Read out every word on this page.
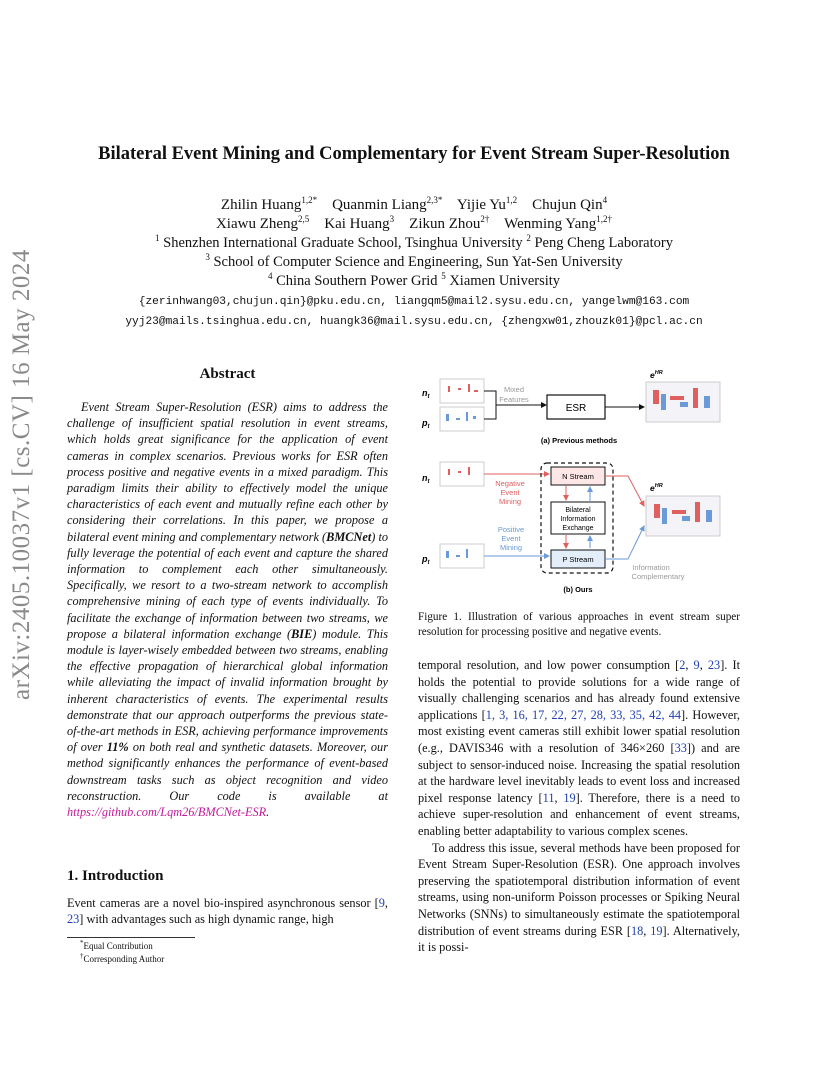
arXiv:2405.10037v1 [cs.CV] 16 May 2024
Bilateral Event Mining and Complementary for Event Stream Super-Resolution
Zhilin Huang$^{1,2*}$ Quanmin Liang$^{2,3*}$ Yijie Yu$^{1,2}$ Chujun Qin$^4$
Xiawu Zheng$^{2,5}$ Kai Huang$^3$ Zikun Zhou$^{2\dagger}$ Wenming Yang$^{1,2\dagger}$
$^1$ Shenzhen International Graduate School, Tsinghua University $^2$ Peng Cheng Laboratory
$^3$ School of Computer Science and Engineering, Sun Yat-Sen University
$^4$ China Southern Power Grid $^5$ Xiamen University
{zerinhwang03,chujun.qin}@pku.edu.cn, liangqm5@mail2.sysu.edu.cn, yangelwm@163.com
yyj23@mails.tsinghua.edu.cn, huangk36@mail.sysu.edu.cn, {zhengxw01,zhouzk01}@pcl.ac.cn
Abstract
Event Stream Super-Resolution (ESR) aims to address the challenge of insufficient spatial resolution in event streams, which holds great significance for the application of event cameras in complex scenarios. Previous works for ESR often process positive and negative events in a mixed paradigm. This paradigm limits their ability to effectively model the unique characteristics of each event and mutually refine each other by considering their correlations. In this paper, we propose a bilateral event mining and complementary network (BMCNet) to fully leverage the potential of each event and capture the shared information to complement each other simultaneously. Specifically, we resort to a two-stream network to accomplish comprehensive mining of each type of events individually. To facilitate the exchange of information between two streams, we propose a bilateral information exchange (BIE) module. This module is layer-wisely embedded between two streams, enabling the effective propagation of hierarchical global information while alleviating the impact of invalid information brought by inherent characteristics of events. The experimental results demonstrate that our approach outperforms the previous state-of-the-art methods in ESR, achieving performance improvements of over 11% on both real and synthetic datasets. Moreover, our method significantly enhances the performance of event-based downstream tasks such as object recognition and video reconstruction. Our code is available at https://github.com/Lqm26/BMCNet-ESR.
1. Introduction
Event cameras are a novel bio-inspired asynchronous sensor [9, 23] with advantages such as high dynamic range, high
*Equal Contribution
†Corresponding Author
$n_t$
$p_t$
Mixed
Features
ESR
$e^{HR}$
(a) Previous methods
$n_t$
$p_t$
Negative
Event
Mining
Positive
Event
Mining
N Stream
P Stream
Bilateral
Information
Exchange
Information
Complementary
$e^{HR}$
(b) Ours
Figure 1. Illustration of various approaches in event stream super resolution for processing positive and negative events.

temporal resolution, and low power consumption [2, 9, 23]. It holds the potential to provide solutions for a wide range of visually challenging scenarios and has already found extensive applications [1, 3, 16, 17, 22, 27, 28, 33, 35, 42, 44]. However, most existing event cameras still exhibit lower spatial resolution (e.g., DAVIS346 with a resolution of 346×260 [33]) and are subject to sensor-induced noise. Increasing the spatial resolution at the hardware level inevitably leads to event loss and increased pixel response latency [11, 19]. Therefore, there is a need to achieve super-resolution and enhancement of event streams, enabling better adaptability to various complex scenes.

To address this issue, several methods have been proposed for Event Stream Super-Resolution (ESR). One approach involves preserving the spatiotemporal distribution information of event streams, using non-uniform Poisson processes or Spiking Neural Networks (SNNs) to simultaneously estimate the spatiotemporal distribution of event streams during ESR [18, 19]. Alternatively, it is possi-
